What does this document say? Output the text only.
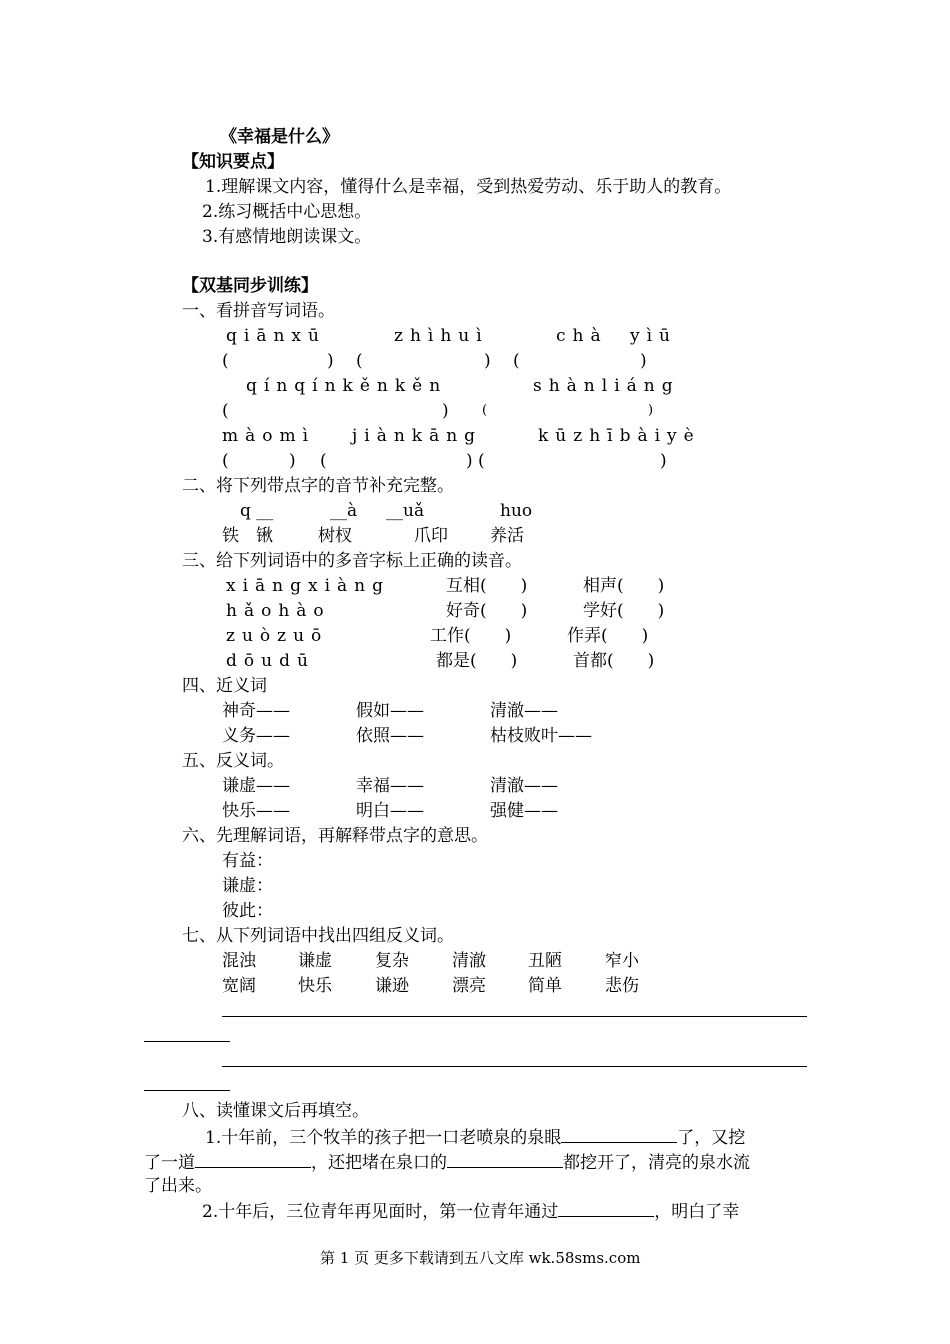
《幸福是什么》
【知识要点】
1.理解课文内容，懂得什么是幸福，受到热爱劳动、乐于助人的教育。
2.练习概括中心思想。
3.有感情地朗读课文。
【双基同步训练】
一、看拼音写词语。
qiānxū	zhìhuì	chà yìū
(	) (	) (	)
qínqínkěnkěn	shànliáng
(	)	(	)
màomì jiànkāng	kūzhībàiyè
(	) (	) (	)
二、将下列带点字的音节补充完整。
q __	__à __uǎ	huo
铁　锹	树杈	爪印 养活
三、给下列词语中的多音字标上正确的读音。
xiāngxiàng	互相(　　)	相声(　　)
hǎohào	好奇(　　)	学好(　　)
zuòzuō	工作(　　)	作弄(　　)
dōudū	都是(　　)	首都(　　)
四、近义词
神奇——	假如——	清澈——
义务——	依照——	枯枝败叶——
五、反义词。
谦虚——	幸福——	清澈——
快乐——	明白——	强健——
六、先理解词语，再解释带点字的意思。
有益：
谦虚：
彼此：
七、从下列词语中找出四组反义词。
混浊 谦虚	复杂	清澈 丑陋	窄小
宽阔 快乐	谦逊	漂亮 简单	悲伤
八、读懂课文后再填空。
1.十年前，三个牧羊的孩子把一口老喷泉的泉眼	了，又挖
了一道	，还把堵在泉口的	都挖开了，清亮的泉水流
了出来。
2.十年后，三位青年再见面时，第一位青年通过	，明白了幸
第 1 页 更多下载请到五八文库 wk.58sms.com
